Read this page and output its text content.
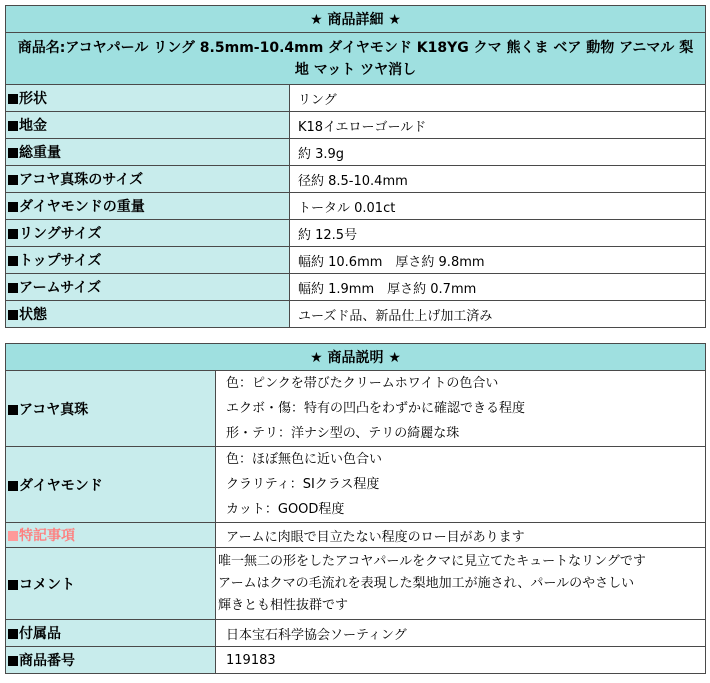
★ 商品詳細 ★	
商品名:アコヤパール リング 8.5mm-10.4mm ダイヤモンド K18YG クマ 熊くま ベア 動物 アニマル 梨地 マット ツヤ消し	
形状	リング
地金	K18イエローゴールド
総重量	約 3.9g
アコヤ真珠のサイズ	径約 8.5-10.4mm
ダイヤモンドの重量	トータル 0.01ct
リングサイズ	約 12.5号
トップサイズ	幅約 10.6mm　厚さ約 9.8mm
アームサイズ	幅約 1.9mm　厚さ約 0.7mm
状態	ユーズド品、新品仕上げ加工済み
★ 商品説明 ★	
アコヤ真珠	色：ピンクを帯びたクリームホワイトの色合い
エクボ・傷：特有の凹凸をわずかに確認できる程度
形・テリ：洋ナシ型の、テリの綺麗な珠

ダイヤモンド	色：ほぼ無色に近い色合い
クラリティ：SIクラス程度
カット：GOOD程度

特記事項	アームに肉眼で目立たない程度のロー目があります
コメント	唯一無二の形をしたアコヤパールをクマに見立てたキュートなリングです
アームはクマの毛流れを表現した梨地加工が施され、パールのやさしい
輝きとも相性抜群です

付属品	日本宝石科学協会ソーティング
商品番号	119183
